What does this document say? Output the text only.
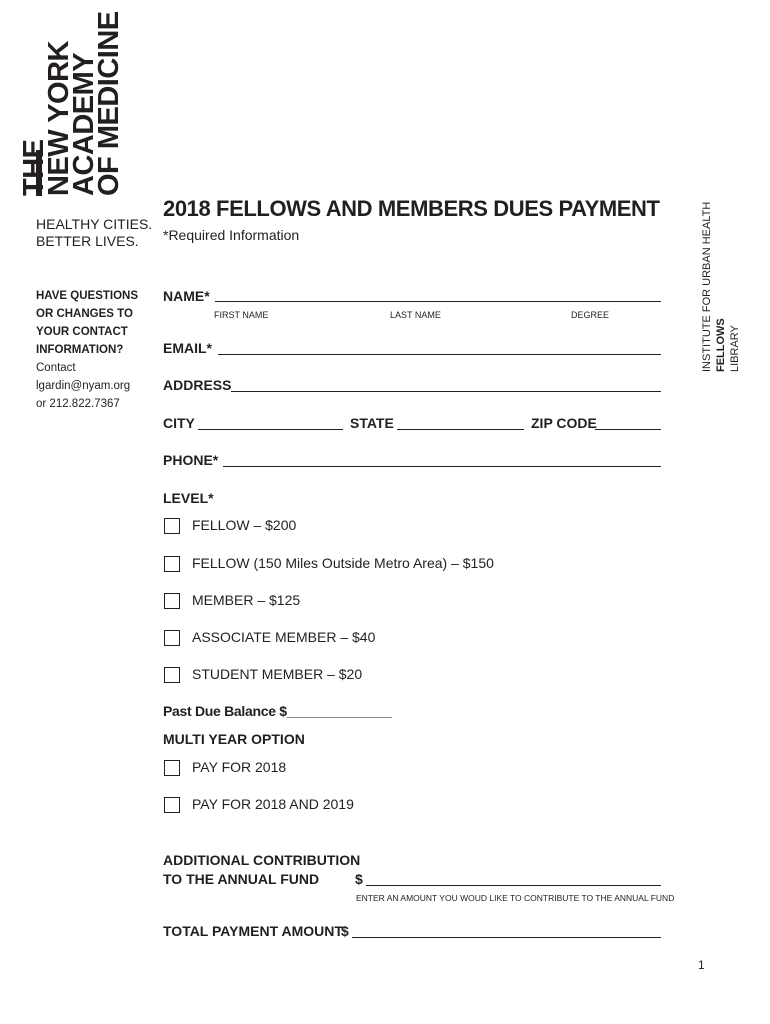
THE
NEW YORK
ACADEMY
OF MEDICINE
HEALTHY CITIES.
BETTER LIVES.	INSTITUTE FOR URBAN HEALTH FELLOWS LIBRARY
2018 FELLOWS AND MEMBERS DUES PAYMENT
*Required Information
HAVE QUESTIONS
OR CHANGES TO
YOUR CONTACT
INFORMATION?
Contact
lgardin@nyam.org
or 212.822.7367
NAME*
FIRST NAME	LAST NAME	DEGREE
EMAIL*
ADDRESS
CITY	STATE	ZIP CODE
PHONE*
LEVEL*
FELLOW – $200
FELLOW (150 Miles Outside Metro Area) – $150
MEMBER – $125
ASSOCIATE MEMBER – $40
STUDENT MEMBER – $20
Past Due Balance $______________
MULTI YEAR OPTION
PAY FOR 2018
PAY FOR 2018 AND 2019
ADDITIONAL CONTRIBUTION
TO THE ANNUAL FUND	$
ENTER AN AMOUNT YOU WOUD LIKE TO CONTRIBUTE TO THE ANNUAL FUND
TOTAL PAYMENT AMOUNT
$
1
